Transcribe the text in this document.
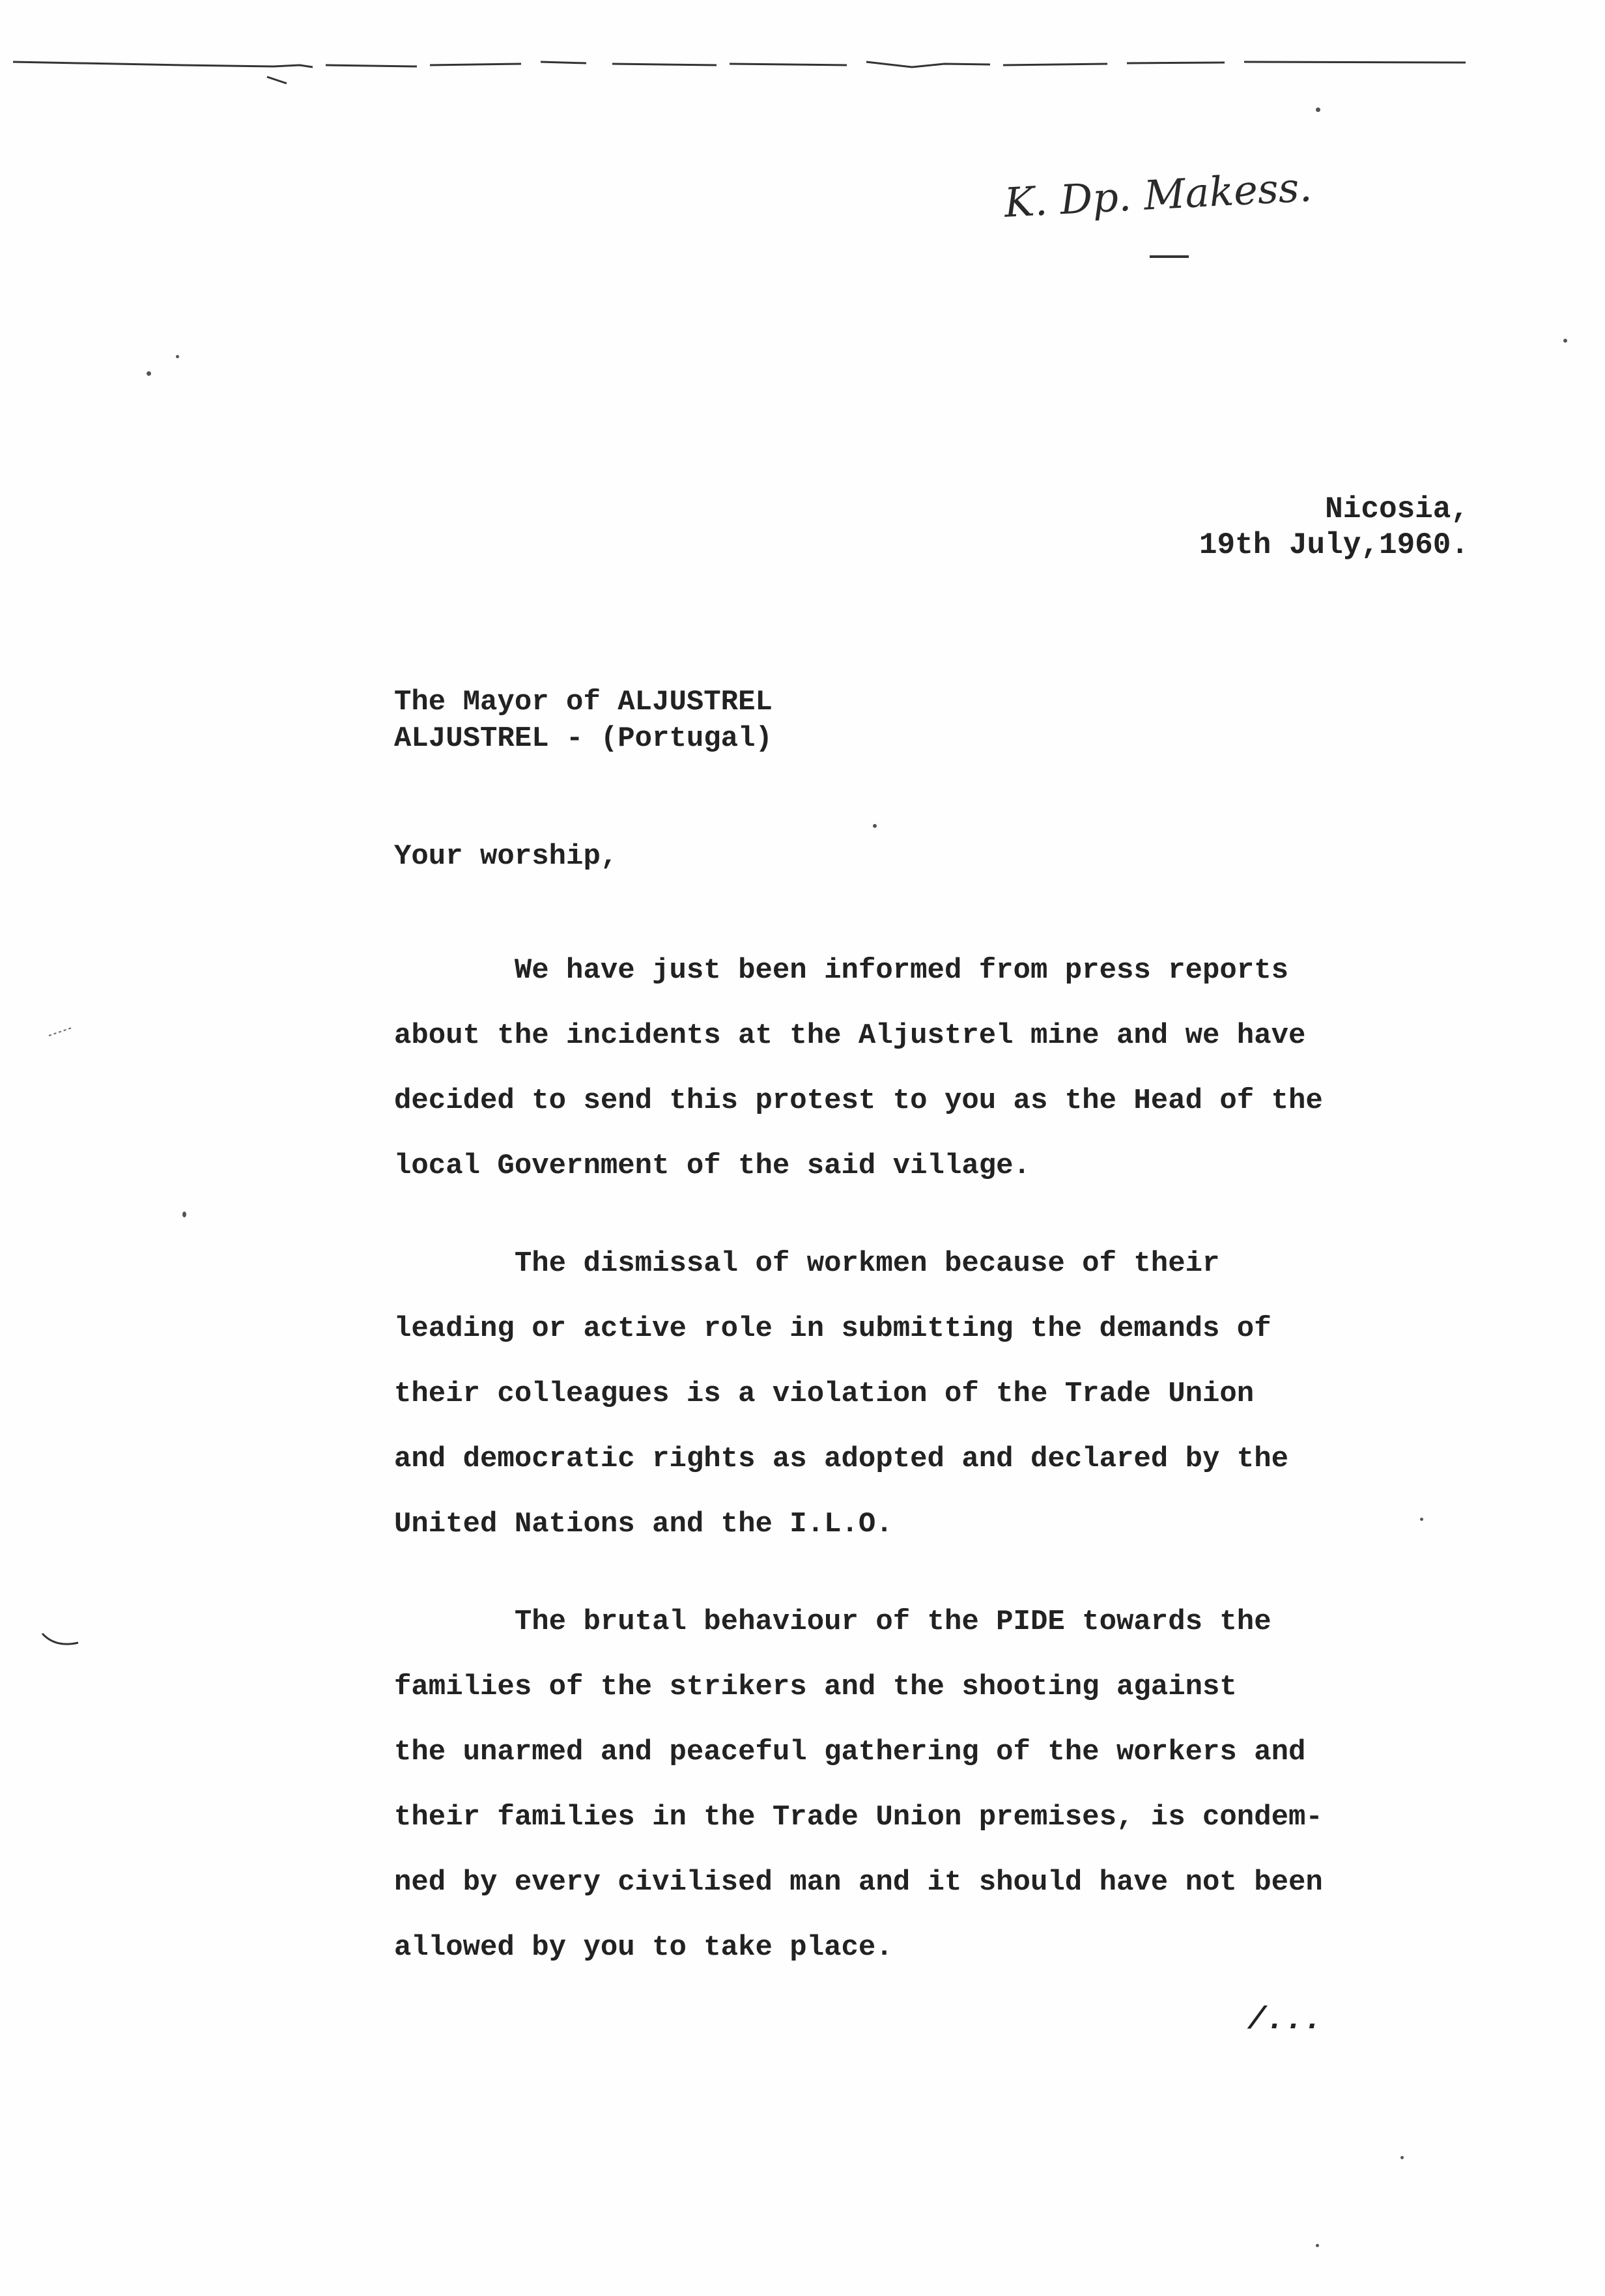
K. Dp. Makess.
Nicosia,
19th July,1960.
The Mayor of ALJUSTREL
ALJUSTREL - (Portugal)
Your worship,
We have just been informed from press reports
about the incidents at the Aljustrel mine and we have
decided to send this protest to you as the Head of the
local Government of the said village.
The dismissal of workmen because of their
leading or active role in submitting the demands of
their colleagues is a violation of the Trade Union
and democratic rights as adopted and declared by the
United Nations and the I.L.O.
The brutal behaviour of the PIDE towards the
families of the strikers and the shooting against
the unarmed and peaceful gathering of the workers and
their families in the Trade Union premises, is condem-
ned by every civilised man and it should have not been
allowed by you to take place.
/...
